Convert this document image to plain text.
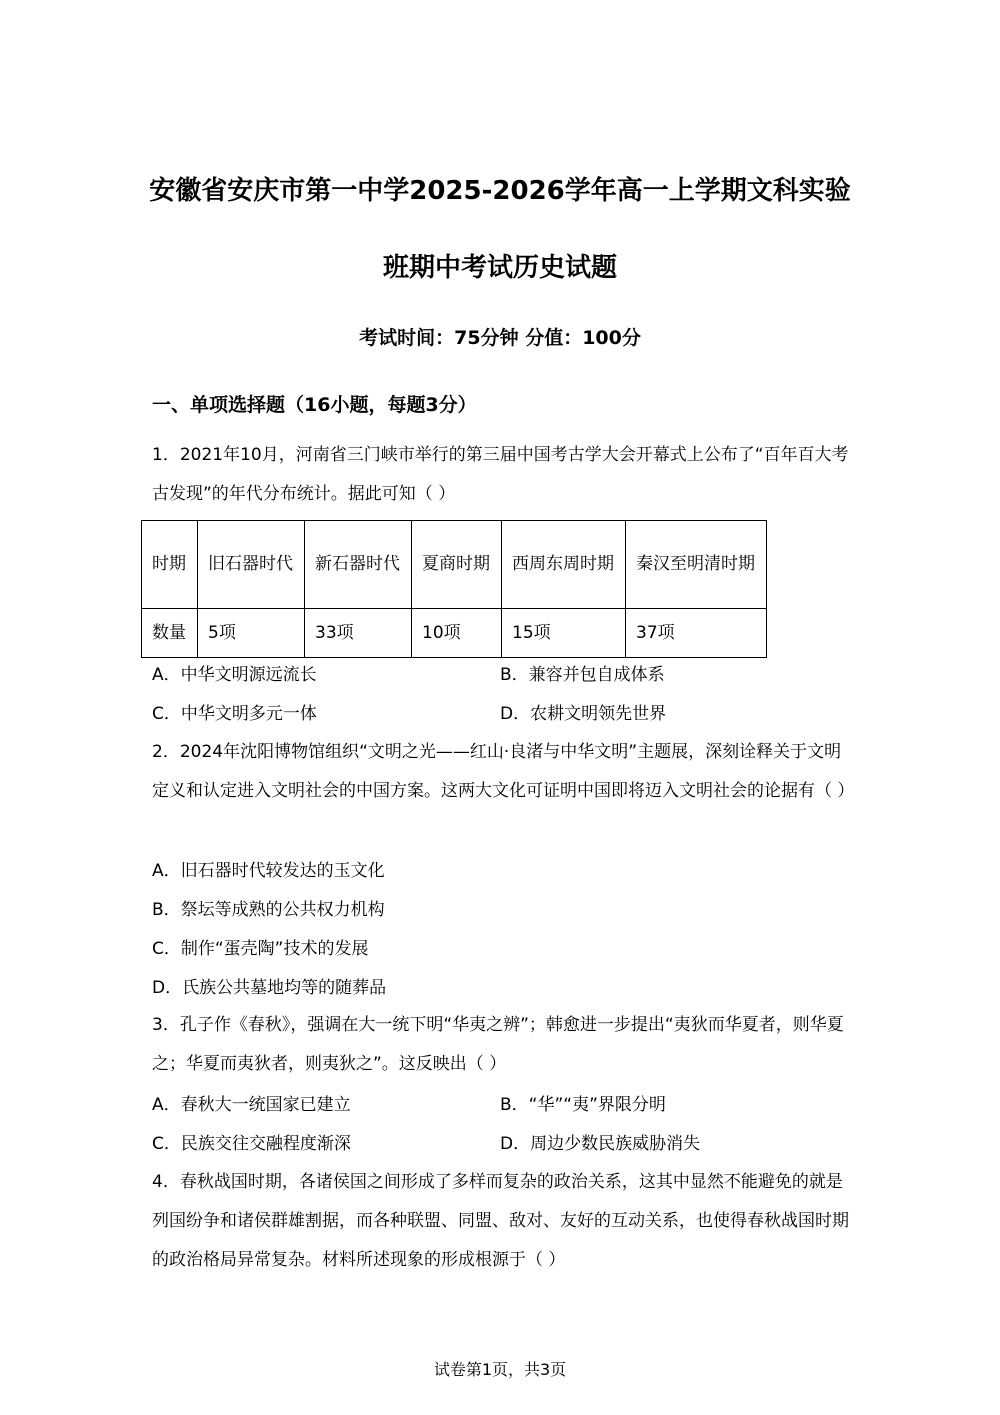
安徽省安庆市第一中学2025-2026学年高一上学期文科实验
班期中考试历史试题
考试时间：75分钟 分值：100分
一、单项选择题（16小题，每题3分）
1．2021年10月，河南省三门峡市举行的第三届中国考古学大会开幕式上公布了“百年百大考古发现”的年代分布统计。据此可知（ ）
时期	旧石器时代	新石器时代	夏商时期	西周东周时期	秦汉至明清时期
数量	5项	33项	10项	15项	37项
A．中华文明源远流长	B．兼容并包自成体系
C．中华文明多元一体	D．农耕文明领先世界
2．2024年沈阳博物馆组织“文明之光——红山·良渚与中华文明”主题展，深刻诠释关于文明定义和认定进入文明社会的中国方案。这两大文化可证明中国即将迈入文明社会的论据有（ ）
A．旧石器时代较发达的玉文化
B．祭坛等成熟的公共权力机构
C．制作“蛋壳陶”技术的发展
D．氏族公共墓地均等的随葬品
3．孔子作《春秋》，强调在大一统下明“华夷之辨”；韩愈进一步提出“夷狄而华夏者，则华夏之；华夏而夷狄者，则夷狄之”。这反映出（ ）
A．春秋大一统国家已建立	B．“华”“夷”界限分明
C．民族交往交融程度渐深	D．周边少数民族威胁消失
4．春秋战国时期，各诸侯国之间形成了多样而复杂的政治关系，这其中显然不能避免的就是列国纷争和诸侯群雄割据，而各种联盟、同盟、敌对、友好的互动关系，也使得春秋战国时期的政治格局异常复杂。材料所述现象的形成根源于（ ）
试卷第1页，共3页
